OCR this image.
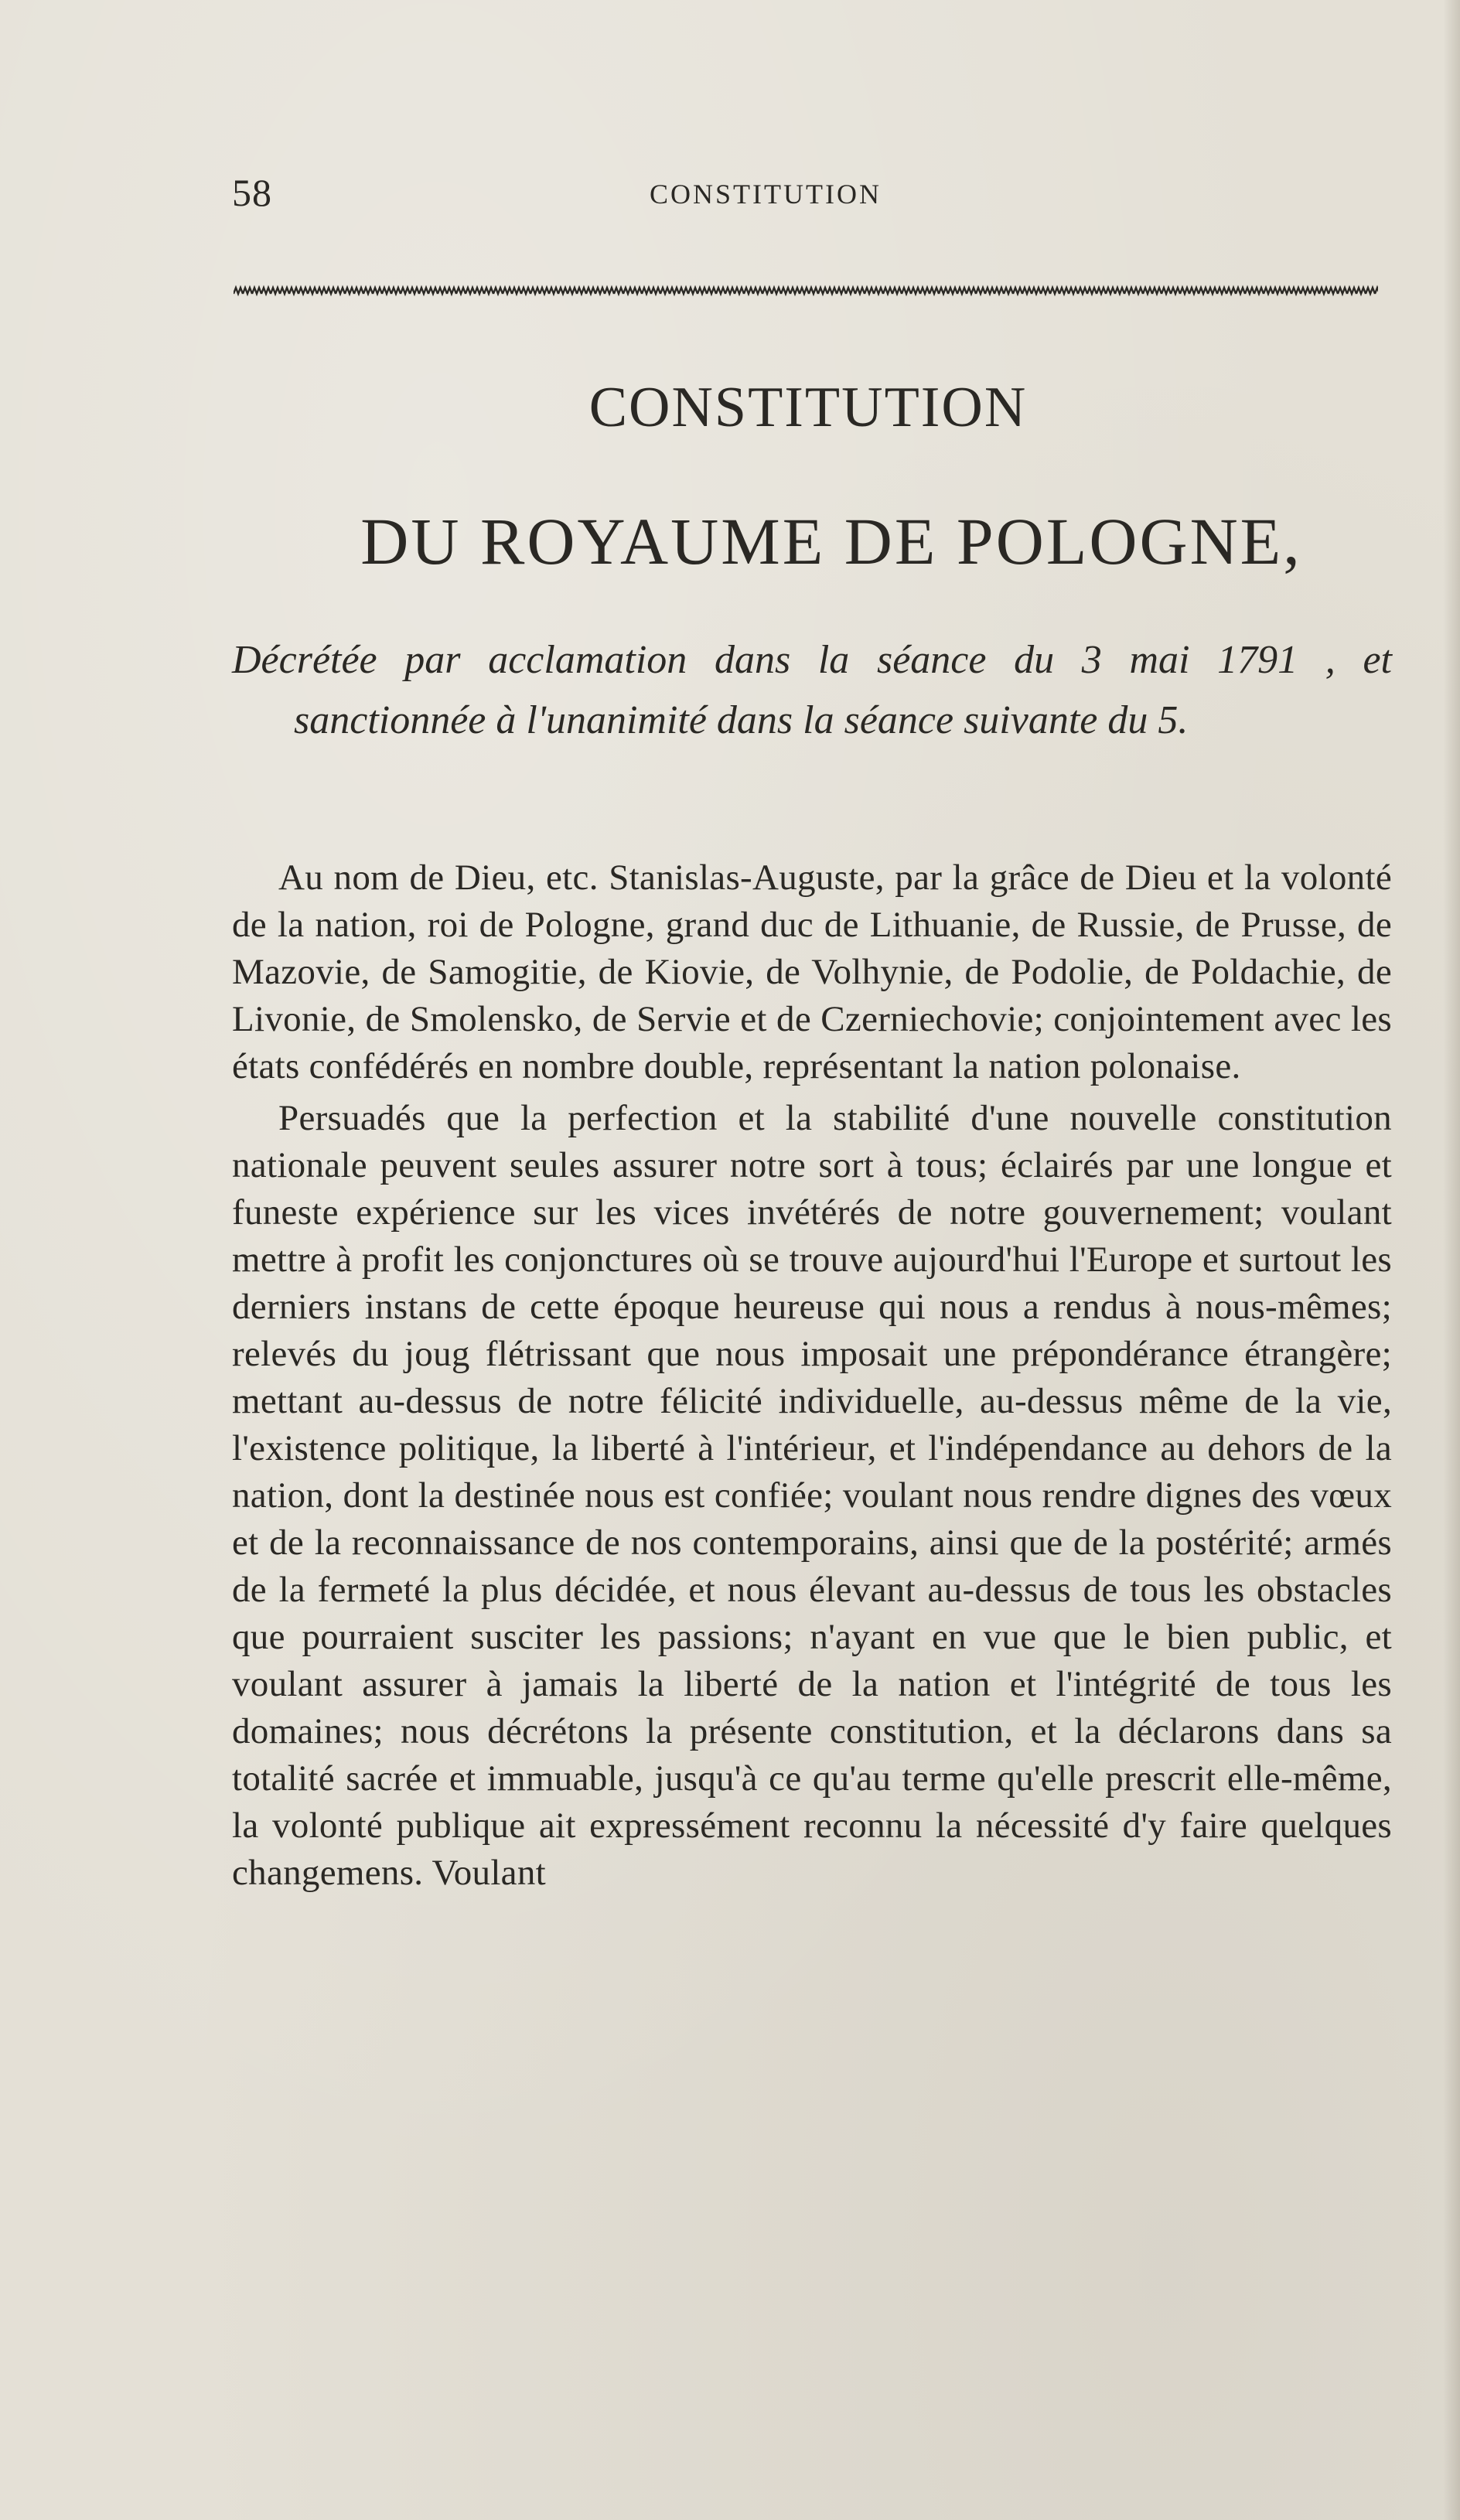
58	CONSTITUTION
CONSTITUTION
DU ROYAUME DE POLOGNE,

Décrétée par acclamation dans la séance du 3 mai 1791 , et sanctionnée à l'unanimité dans la séance suivante du 5.

Au nom de Dieu, etc. Stanislas-Auguste, par la grâce de Dieu et la volonté de la nation, roi de Pologne, grand duc de Lithuanie, de Russie, de Prusse, de Mazovie, de Samogitie, de Kiovie, de Volhynie, de Podolie, de Poldachie, de Livonie, de Smolensko, de Servie et de Czerniechovie; conjointement avec les états confédérés en nombre double, représentant la nation polonaise.

Persuadés que la perfection et la stabilité d'une nouvelle constitution nationale peuvent seules assurer notre sort à tous; éclairés par une longue et funeste expérience sur les vices invétérés de notre gouvernement; voulant mettre à profit les conjonctures où se trouve aujourd'hui l'Europe et surtout les derniers instans de cette époque heureuse qui nous a rendus à nous-mêmes; relevés du joug flétrissant que nous imposait une prépondérance étrangère; mettant au-dessus de notre félicité individuelle, au-dessus même de la vie, l'existence politique, la liberté à l'intérieur, et l'indépendance au dehors de la nation, dont la destinée nous est confiée; voulant nous rendre dignes des vœux et de la reconnaissance de nos contemporains, ainsi que de la postérité; armés de la fermeté la plus décidée, et nous élevant au-dessus de tous les obstacles que pourraient susciter les passions; n'ayant en vue que le bien public, et voulant assurer à jamais la liberté de la nation et l'intégrité de tous les domaines; nous décrétons la présente constitution, et la déclarons dans sa totalité sacrée et immuable, jusqu'à ce qu'au terme qu'elle prescrit elle-même, la volonté publique ait expressément reconnu la nécessité d'y faire quelques changemens. Voulant
